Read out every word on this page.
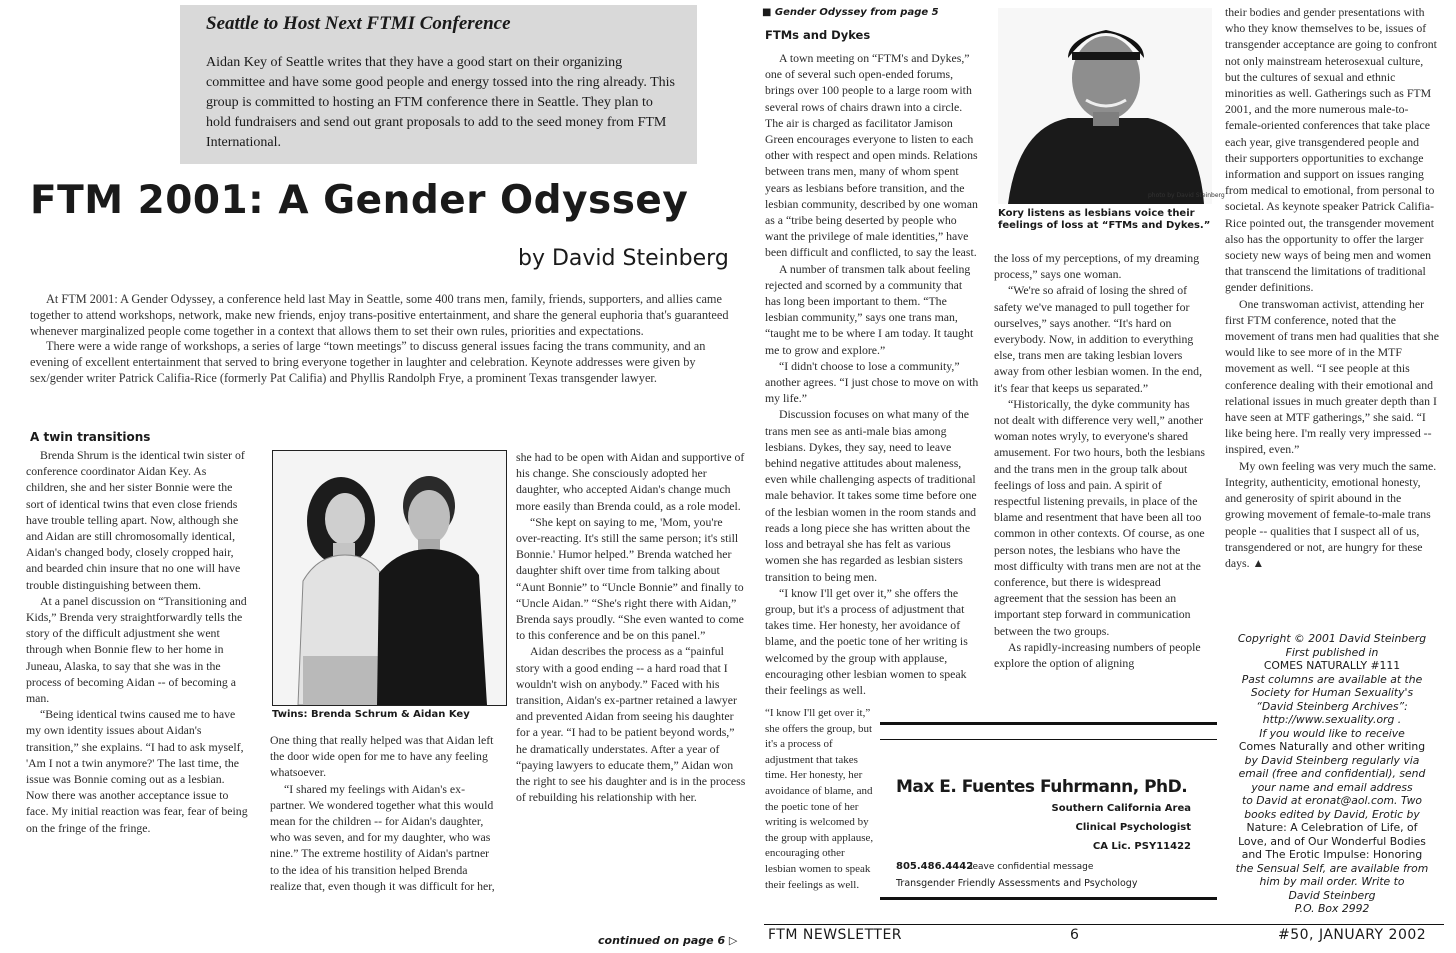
Seattle to Host Next FTMI Conference
Aidan Key of Seattle writes that they have a good start on their organizing committee and have some good people and energy tossed into the ring already. This group is committed to hosting an FTM conference there in Seattle. They plan to hold fundraisers and send out grant proposals to add to the seed money from FTM International.
FTM 2001: A Gender Odyssey
by David Steinberg

At FTM 2001: A Gender Odyssey, a conference held last May in Seattle, some 400 trans men, family, friends, supporters, and allies came together to attend workshops, network, make new friends, enjoy trans-positive entertainment, and share the general euphoria that's guaranteed whenever marginalized people come together in a context that allows them to set their own rules, priorities and expectations.

There were a wide range of workshops, a series of large “town meetings” to discuss general issues facing the trans community, and an evening of excellent entertainment that served to bring everyone together in laughter and celebration. Keynote addresses were given by sex/gender writer Patrick Califia-Rice (formerly Pat Califia) and Phyllis Randolph Frye, a prominent Texas transgender lawyer.

A twin transitions

Brenda Shrum is the identical twin sister of conference coordinator Aidan Key. As children, she and her sister Bonnie were the sort of identical twins that even close friends have trouble telling apart. Now, although she and Aidan are still chromosomally identical, Aidan's changed body, closely cropped hair, and bearded chin insure that no one will have trouble distinguishing between them.

At a panel discussion on “Transitioning and Kids,” Brenda very straightforwardly tells the story of the difficult adjustment she went through when Bonnie flew to her home in Juneau, Alaska, to say that she was in the process of becoming Aidan -- of becoming a man.

“Being identical twins caused me to have my own identity issues about Aidan's transition,” she explains. “I had to ask myself, 'Am I not a twin anymore?' The last time, the issue was Bonnie coming out as a lesbian. Now there was another acceptance issue to face. My initial reaction was fear, fear of being on the fringe of the fringe.

Twins: Brenda Schrum & Aidan Key

One thing that really helped was that Aidan left the door wide open for me to have any feeling whatsoever.

“I shared my feelings with Aidan's ex-partner. We wondered together what this would mean for the children -- for Aidan's daughter, who was seven, and for my daughter, who was nine.” The extreme hostility of Aidan's partner to the idea of his transition helped Brenda realize that, even though it was difficult for her,

she had to be open with Aidan and supportive of his change. She consciously adopted her daughter, who accepted Aidan's change much more easily than Brenda could, as a role model.

“She kept on saying to me, 'Mom, you're over-reacting. It's still the same person; it's still Bonnie.' Humor helped.” Brenda watched her daughter shift over time from talking about “Aunt Bonnie” to “Uncle Bonnie” and finally to “Uncle Aidan.” “She's right there with Aidan,” Brenda says proudly. “She even wanted to come to this conference and be on this panel.”

Aidan describes the process as a “painful story with a good ending -- a hard road that I wouldn't wish on anybody.” Faced with his transition, Aidan's ex-partner retained a lawyer and prevented Aidan from seeing his daughter for a year. “I had to be patient beyond words,” he dramatically understates. After a year of “paying lawyers to educate them,” Aidan won the right to see his daughter and is in the process of rebuilding his relationship with her.

continued on page 6 ▷
■ Gender Odyssey from page 5
FTMs and Dykes

A town meeting on “FTM's and Dykes,” one of several such open-ended forums, brings over 100 people to a large room with several rows of chairs drawn into a circle. The air is charged as facilitator Jamison Green encourages everyone to listen to each other with respect and open minds. Relations between trans men, many of whom spent years as lesbians before transition, and the lesbian community, described by one woman as a “tribe being deserted by people who want the privilege of male identities,” have been difficult and conflicted, to say the least.

A number of transmen talk about feeling rejected and scorned by a community that has long been important to them. “The lesbian community,” says one trans man, “taught me to be where I am today. It taught me to grow and explore.”

“I didn't choose to lose a community,” another agrees. “I just chose to move on with my life.”

Discussion focuses on what many of the trans men see as anti-male bias among lesbians. Dykes, they say, need to leave behind negative attitudes about maleness, even while challenging aspects of traditional male behavior. It takes some time before one of the lesbian women in the room stands and reads a long piece she has written about the loss and betrayal she has felt as various women she has regarded as lesbian sisters transition to being men.

“I know I'll get over it,” she offers the group, but it's a process of adjustment that takes time. Her honesty, her avoidance of blame, and the poetic tone of her writing is welcomed by the group with applause, encouraging other lesbian women to speak their feelings as well.

“I know I'll get over it,” she offers the group, but it's a process of adjustment that takes time. Her honesty, her avoidance of blame, and the poetic tone of her writing is welcomed by the group with applause, encouraging other lesbian women to speak their feelings as well.

photo by David Steinberg
Kory listens as lesbians voice their feelings of loss at “FTMs and Dykes.”

the loss of my perceptions, of my dreaming process,” says one woman.

“We're so afraid of losing the shred of safety we've managed to pull together for ourselves,” says another. “It's hard on everybody. Now, in addition to everything else, trans men are taking lesbian lovers away from other lesbian women. In the end, it's fear that keeps us separated.”

“Historically, the dyke community has not dealt with difference very well,” another woman notes wryly, to everyone's shared amusement. For two hours, both the lesbians and the trans men in the group talk about feelings of loss and pain. A spirit of respectful listening prevails, in place of the blame and resentment that have been all too common in other contexts. Of course, as one person notes, the lesbians who have the most difficulty with trans men are not at the conference, but there is widespread agreement that the session has been an important step forward in communication between the two groups.

As rapidly-increasing numbers of people explore the option of aligning

their bodies and gender presentations with who they know themselves to be, issues of transgender acceptance are going to confront not only mainstream heterosexual culture, but the cultures of sexual and ethnic minorities as well. Gatherings such as FTM 2001, and the more numerous male-to-female-oriented conferences that take place each year, give transgendered people and their supporters opportunities to exchange information and support on issues ranging from medical to emotional, from personal to societal. As keynote speaker Patrick Califia-Rice pointed out, the transgender movement also has the opportunity to offer the larger society new ways of being men and women that transcend the limitations of traditional gender definitions.

One transwoman activist, attending her first FTM conference, noted that the movement of trans men had qualities that she would like to see more of in the MTF movement as well. “I see people at this conference dealing with their emotional and relational issues in much greater depth than I have seen at MTF gatherings,” she said. “I like being here. I'm really very impressed -- inspired, even.”

My own feeling was very much the same. Integrity, authenticity, emotional honesty, and generosity of spirit abound in the growing movement of female-to-male trans people -- qualities that I suspect all of us, transgendered or not, are hungry for these days. ▲

Max E. Fuentes Fuhrmann, PhD.
Southern California Area
Clinical Psychologist
CA Lic. PSY11422
805.486.4442
leave confidential message
Transgender Friendly Assessments and Psychology
Copyright © 2001 David Steinberg
First published in
COMES NATURALLY #111
Past columns are available at the
Society for Human Sexuality's
“David Steinberg Archives”:
http://www.sexuality.org .
If you would like to receive
Comes Naturally and other writing
by David Steinberg regularly via
email (free and confidential), send
your name and email address
to David at eronat@aol.com. Two
books edited by David, Erotic by
Nature: A Celebration of Life, of
Love, and of Our Wonderful Bodies
and The Erotic Impulse: Honoring
the Sensual Self, are available from
him by mail order. Write to
David Steinberg
P.O. Box 2992
FTM NEWSLETTER	6	#50, JANUARY 2002
